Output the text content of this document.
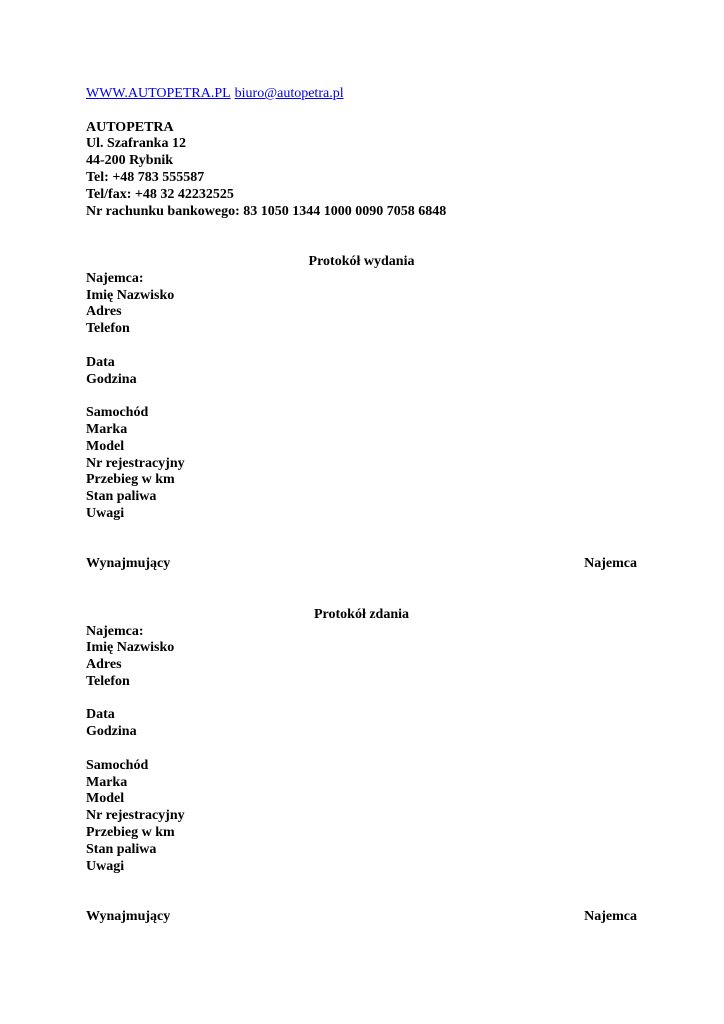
WWW.AUTOPETRA.PL biuro@autopetra.pl
AUTOPETRA
Ul. Szafranka 12
44-200 Rybnik
Tel: +48 783 555587
Tel/fax: +48 32 42232525
Nr rachunku bankowego: 83 1050 1344 1000 0090 7058 6848
Protokół wydania
Najemca:
Imię Nazwisko
Adres
Telefon
Data
Godzina
Samochód
Marka
Model
Nr rejestracyjny
Przebieg w km
Stan paliwa
Uwagi
Wynajmujący	Najemca
Protokół zdania
Najemca:
Imię Nazwisko
Adres
Telefon
Data
Godzina
Samochód
Marka
Model
Nr rejestracyjny
Przebieg w km
Stan paliwa
Uwagi
Wynajmujący	Najemca
